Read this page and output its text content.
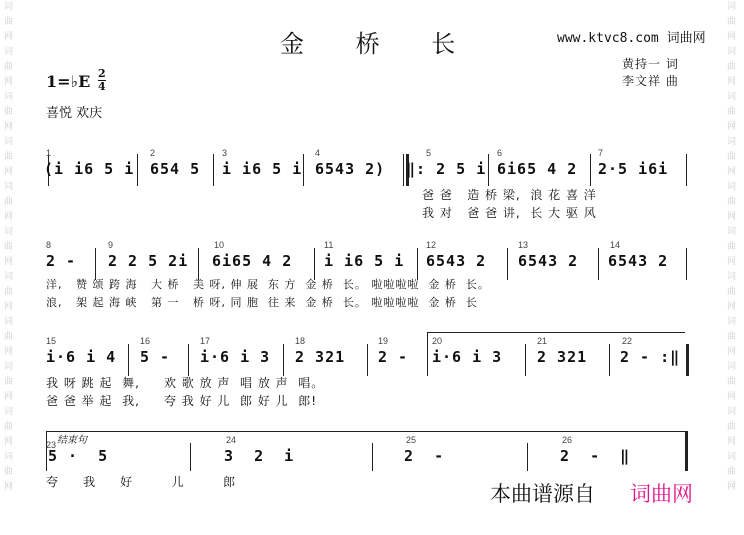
词曲网词曲网词曲网词曲网词曲网词曲网词曲网词曲网词曲网词曲网词曲网
词曲网词曲网词曲网词曲网词曲网词曲网词曲网词曲网词曲网词曲网词曲网
金 桥 长	www.ktvc8.com 词曲网
黄持一 词
李文祥 曲
1=♭E 2
4
喜悦 欢庆
1	2	3	4	5	6	7
(i i6 5 i 654 5 i i6 5 i 6543 2) ‖: 2 5 i 6i65 4 2 2·5 i6i
爸 爸   造 桥 梁,  浪 花 喜 洋
我 对   爸 爸 讲,  长 大 驱 风
8	9	10	11	12	13	14
2 - 2 2 5 2i 6i65 4 2 i i6 5 i 6543 2 6543 2 6543 2
洋,   赞 颂 跨 海   大 桥   美 呀, 伸 展  东 方  金 桥  长。 啦啦啦啦  金 桥  长。
浪,   架 起 海 峡   第 一   桥 呀, 同 胞  往 来  金 桥  长。 啦啦啦啦  金 桥  长
15	16	17	18	19	20	21	22
i·6 i 4 5 - i·6 i 3 2 321 2 - i·6 i 3 2 321 2 - :‖
我 呀 跳 起  舞,     欢 歌 放 声  唱 放 声  唱。
爸 爸 举 起  我,     夸 我 好 儿  郎 好 儿  郎!
24	25	26
5 ·  5	3  2  i	2  -	2  -  ‖
夸     我     好        儿        郎
结束句
23
本曲谱源自 词曲网
